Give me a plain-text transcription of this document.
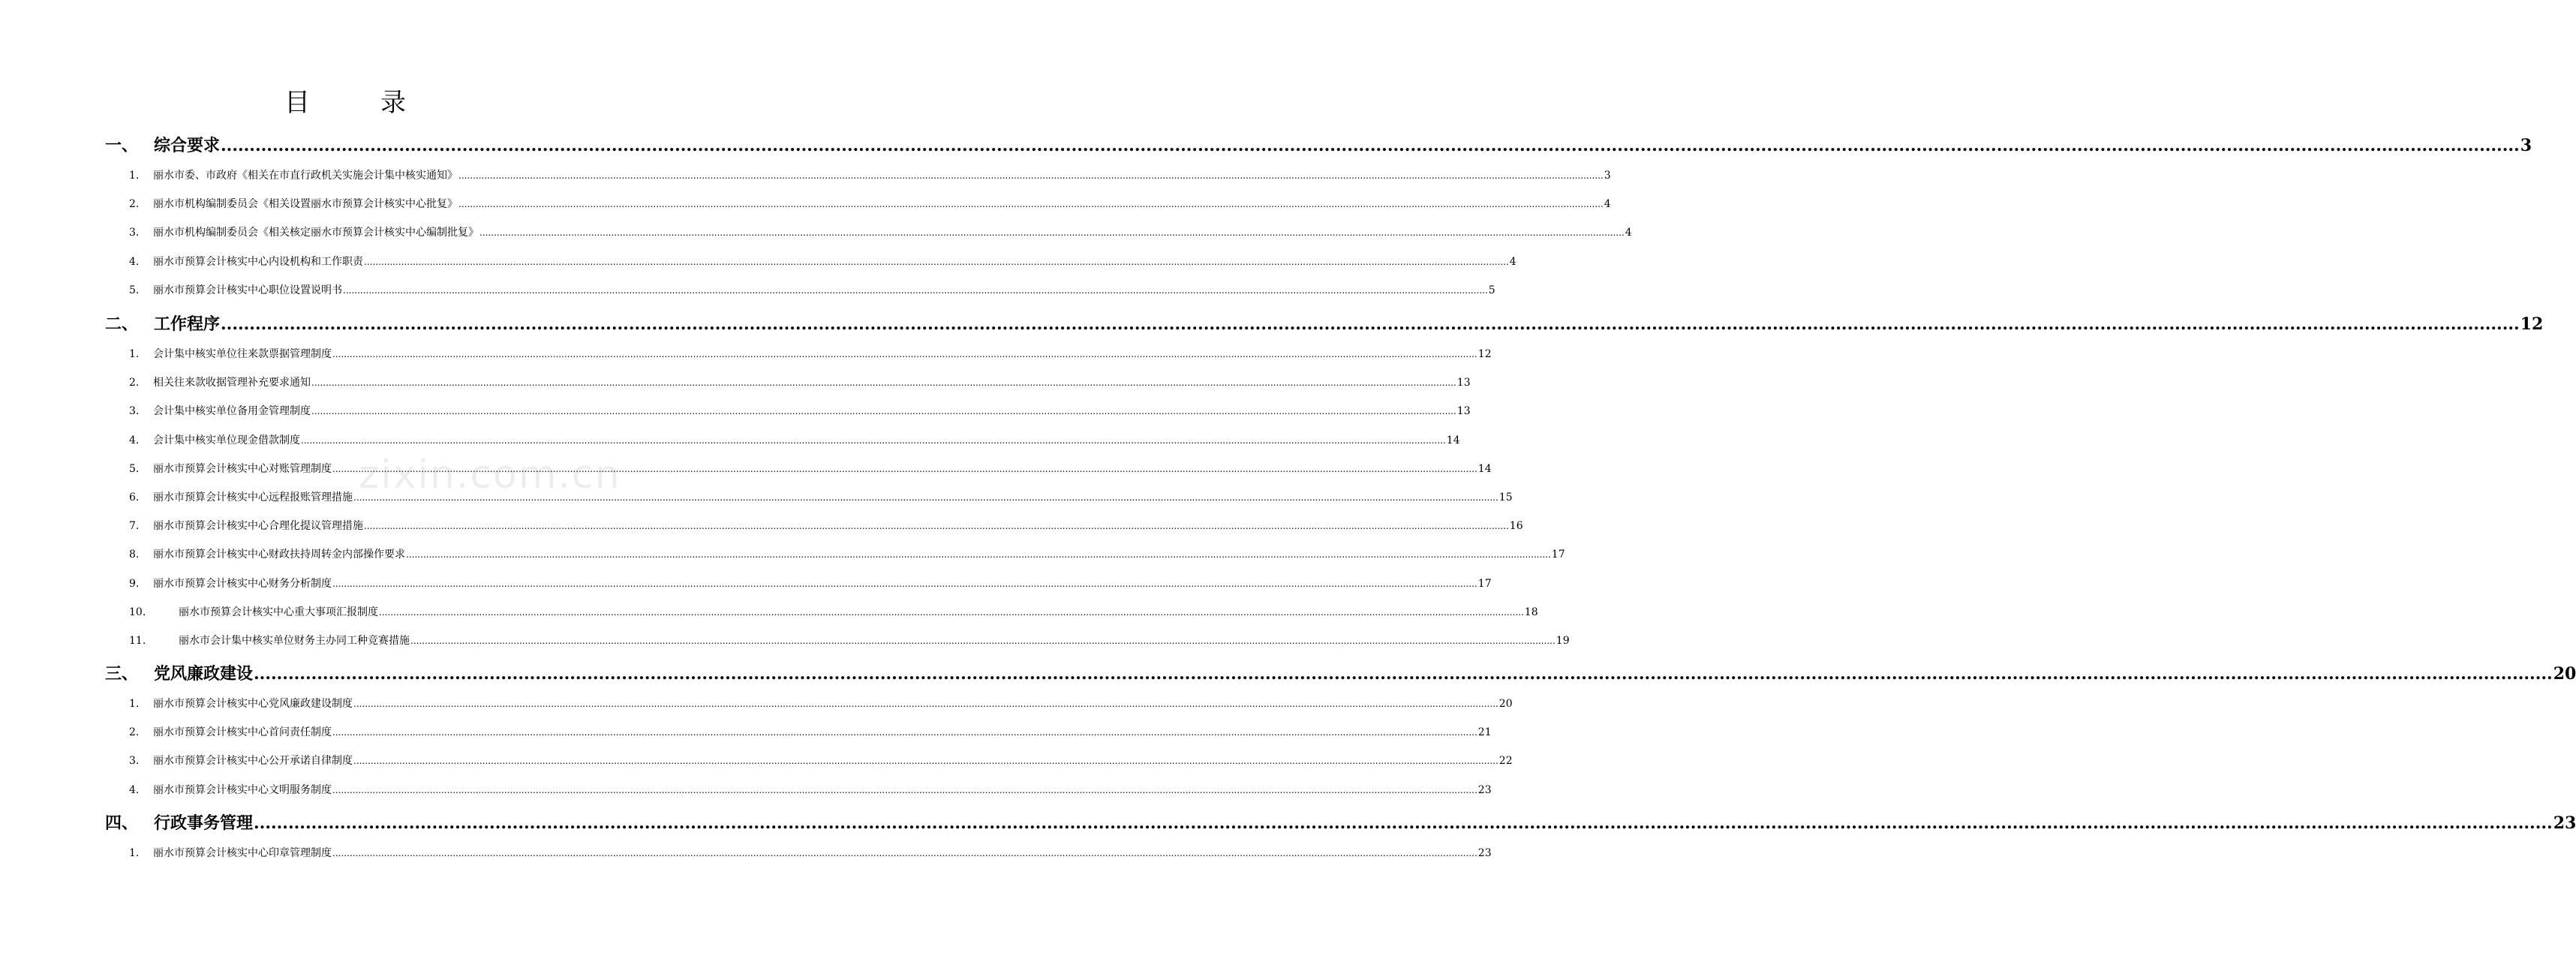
目　录
一、 综合要求 ................................................................................................................................................................................................................................................................................................................................................................................................................ 3
1. 丽水市委、市政府《相关在市直行政机关实施会计集中核实通知》 ................................................................................................................................................................................................................................................................................................................................................................................................................ 3
2. 丽水市机构编制委员会《相关设置丽水市预算会计核实中心批复》 ................................................................................................................................................................................................................................................................................................................................................................................................................ 4
3. 丽水市机构编制委员会《相关核定丽水市预算会计核实中心编制批复》 ................................................................................................................................................................................................................................................................................................................................................................................................................ 4
4. 丽水市预算会计核实中心内设机构和工作职责 ................................................................................................................................................................................................................................................................................................................................................................................................................ 4
5. 丽水市预算会计核实中心职位设置说明书 ................................................................................................................................................................................................................................................................................................................................................................................................................ 5
二、 工作程序 ................................................................................................................................................................................................................................................................................................................................................................................................................ 12
1. 会计集中核实单位往来款票据管理制度 ................................................................................................................................................................................................................................................................................................................................................................................................................ 12
2. 相关往来款收据管理补充要求通知 ................................................................................................................................................................................................................................................................................................................................................................................................................ 13
3. 会计集中核实单位备用金管理制度 ................................................................................................................................................................................................................................................................................................................................................................................................................ 13
4. 会计集中核实单位现金借款制度 ................................................................................................................................................................................................................................................................................................................................................................................................................ 14
5. 丽水市预算会计核实中心对账管理制度 ................................................................................................................................................................................................................................................................................................................................................................................................................ 14
6. 丽水市预算会计核实中心远程报账管理措施 ................................................................................................................................................................................................................................................................................................................................................................................................................ 15
7. 丽水市预算会计核实中心合理化提议管理措施 ................................................................................................................................................................................................................................................................................................................................................................................................................ 16
8. 丽水市预算会计核实中心财政扶持周转金内部操作要求 ................................................................................................................................................................................................................................................................................................................................................................................................................ 17
9. 丽水市预算会计核实中心财务分析制度 ................................................................................................................................................................................................................................................................................................................................................................................................................ 17
10.	丽水市预算会计核实中心重大事项汇报制度 ................................................................................................................................................................................................................................................................................................................................................................................................................ 18
11.	丽水市会计集中核实单位财务主办同工种竞赛措施 ................................................................................................................................................................................................................................................................................................................................................................................................................ 19
三、 党风廉政建设 ................................................................................................................................................................................................................................................................................................................................................................................................................ 20
1. 丽水市预算会计核实中心党风廉政建设制度 ................................................................................................................................................................................................................................................................................................................................................................................................................ 20
2. 丽水市预算会计核实中心首问责任制度 ................................................................................................................................................................................................................................................................................................................................................................................................................ 21
3. 丽水市预算会计核实中心公开承诺自律制度 ................................................................................................................................................................................................................................................................................................................................................................................................................ 22
4. 丽水市预算会计核实中心文明服务制度 ................................................................................................................................................................................................................................................................................................................................................................................................................ 23
四、 行政事务管理 ................................................................................................................................................................................................................................................................................................................................................................................................................ 23
1. 丽水市预算会计核实中心印章管理制度 ................................................................................................................................................................................................................................................................................................................................................................................................................ 23
zixin.com.cn
